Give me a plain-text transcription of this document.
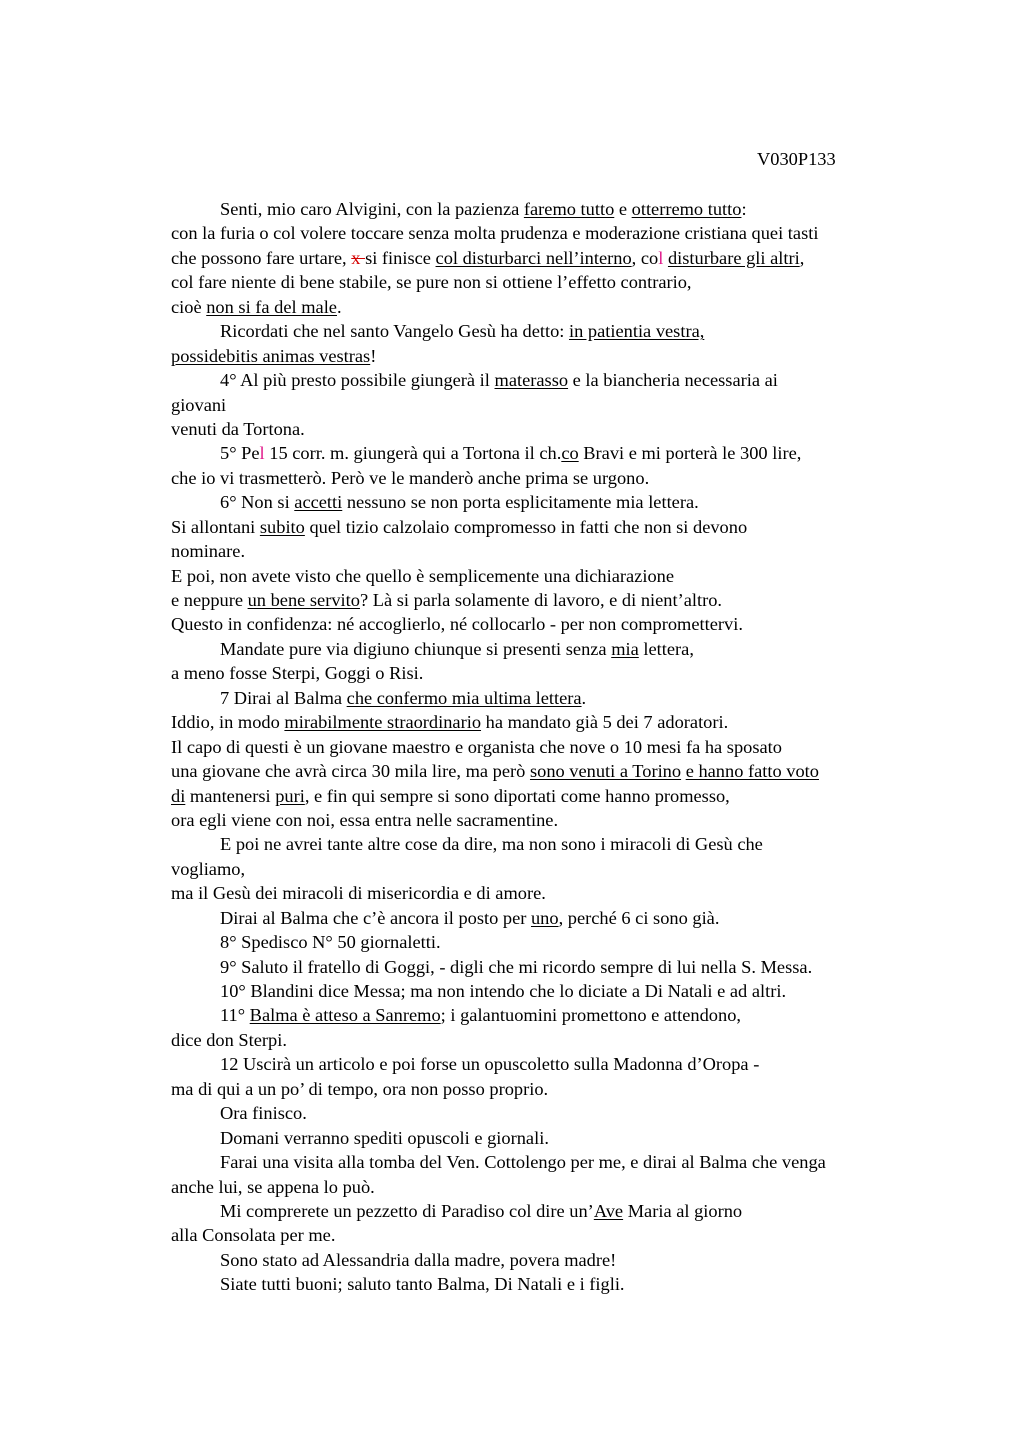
V030P133
Senti, mio caro Alvigini, con la pazienza faremo tutto e otterremo tutto:
con la furia o col volere toccare senza molta prudenza e moderazione cristiana quei tasti
che possono fare urtare, x si finisce col disturbarci nell’interno, col disturbare gli altri,
col fare niente di bene stabile, se pure non si ottiene l’effetto contrario,
cioè non si fa del male.
Ricordati che nel santo Vangelo Gesù ha detto: in patientia vestra,
possidebitis animas vestras!
4° Al più presto possibile giungerà il materasso e la biancheria necessaria ai
giovani
venuti da Tortona.
5° Pel 15 corr. m. giungerà qui a Tortona il ch.co Bravi e mi porterà le 300 lire,
che io vi trasmetterò. Però ve le manderò anche prima se urgono.
6° Non si accetti nessuno se non porta esplicitamente mia lettera.
Si allontani subito quel tizio calzolaio compromesso in fatti che non si devono
nominare.
E poi, non avete visto che quello è semplicemente una dichiarazione
e neppure un bene servito? Là si parla solamente di lavoro, e di nient’altro.
Questo in confidenza: né accoglierlo, né collocarlo - per non compromettervi.
Mandate pure via digiuno chiunque si presenti senza mia lettera,
a meno fosse Sterpi, Goggi o Risi.
7 Dirai al Balma che confermo mia ultima lettera.
Iddio, in modo mirabilmente straordinario ha mandato già 5 dei 7 adoratori.
Il capo di questi è un giovane maestro e organista che nove o 10 mesi fa ha sposato
una giovane che avrà circa 30 mila lire, ma però sono venuti a Torino e hanno fatto voto
di mantenersi puri, e fin qui sempre si sono diportati come hanno promesso,
ora egli viene con noi, essa entra nelle sacramentine.
E poi ne avrei tante altre cose da dire, ma non sono i miracoli di Gesù che
vogliamo,
ma il Gesù dei miracoli di misericordia e di amore.
Dirai al Balma che c’è ancora il posto per uno, perché 6 ci sono già.
8° Spedisco N° 50 giornaletti.
9° Saluto il fratello di Goggi, - digli che mi ricordo sempre di lui nella S. Messa.
10° Blandini dice Messa; ma non intendo che lo diciate a Di Natali e ad altri.
11° Balma è atteso a Sanremo; i galantuomini promettono e attendono,
dice don Sterpi.
12 Uscirà un articolo e poi forse un opuscoletto sulla Madonna d’Oropa -
ma di qui a un po’ di tempo, ora non posso proprio.
Ora finisco.
Domani verranno spediti opuscoli e giornali.
Farai una visita alla tomba del Ven. Cottolengo per me, e dirai al Balma che venga
anche lui, se appena lo può.
Mi comprerete un pezzetto di Paradiso col dire un’Ave Maria al giorno
alla Consolata per me.
Sono stato ad Alessandria dalla madre, povera madre!
Siate tutti buoni; saluto tanto Balma, Di Natali e i figli.
